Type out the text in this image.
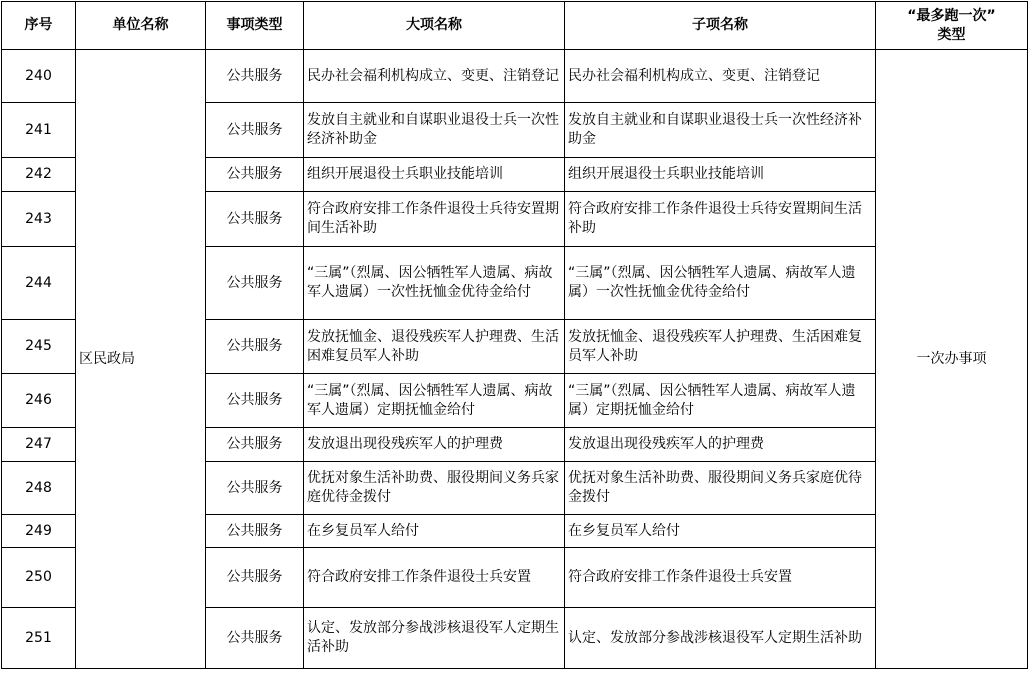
序号	单位名称	事项类型	大项名称	子项名称	“最多跑一次”
类型

240	区民政局	公共服务	民办社会福利机构成立、变更、注销登记	民办社会福利机构成立、变更、注销登记	一次办事项
241		公共服务	发放自主就业和自谋职业退役士兵一次性经济补助金	发放自主就业和自谋职业退役士兵一次性经济补助金	
242		公共服务	组织开展退役士兵职业技能培训	组织开展退役士兵职业技能培训	
243		公共服务	符合政府安排工作条件退役士兵待安置期间生活补助	符合政府安排工作条件退役士兵待安置期间生活补助	
244		公共服务	“三属”（烈属、因公牺牲军人遗属、病故军人遗属）一次性抚恤金优待金给付	“三属”（烈属、因公牺牲军人遗属、病故军人遗属）一次性抚恤金优待金给付	
245		公共服务	发放抚恤金、退役残疾军人护理费、生活困难复员军人补助	发放抚恤金、退役残疾军人护理费、生活困难复员军人补助	
246		公共服务	“三属”（烈属、因公牺牲军人遗属、病故军人遗属）定期抚恤金给付	“三属”（烈属、因公牺牲军人遗属、病故军人遗属）定期抚恤金给付	
247		公共服务	发放退出现役残疾军人的护理费	发放退出现役残疾军人的护理费	
248		公共服务	优抚对象生活补助费、服役期间义务兵家庭优待金拨付	优抚对象生活补助费、服役期间义务兵家庭优待金拨付	
249		公共服务	在乡复员军人给付	在乡复员军人给付	
250		公共服务	符合政府安排工作条件退役士兵安置	符合政府安排工作条件退役士兵安置	
251		公共服务	认定、发放部分参战涉核退役军人定期生活补助	认定、发放部分参战涉核退役军人定期生活补助	
